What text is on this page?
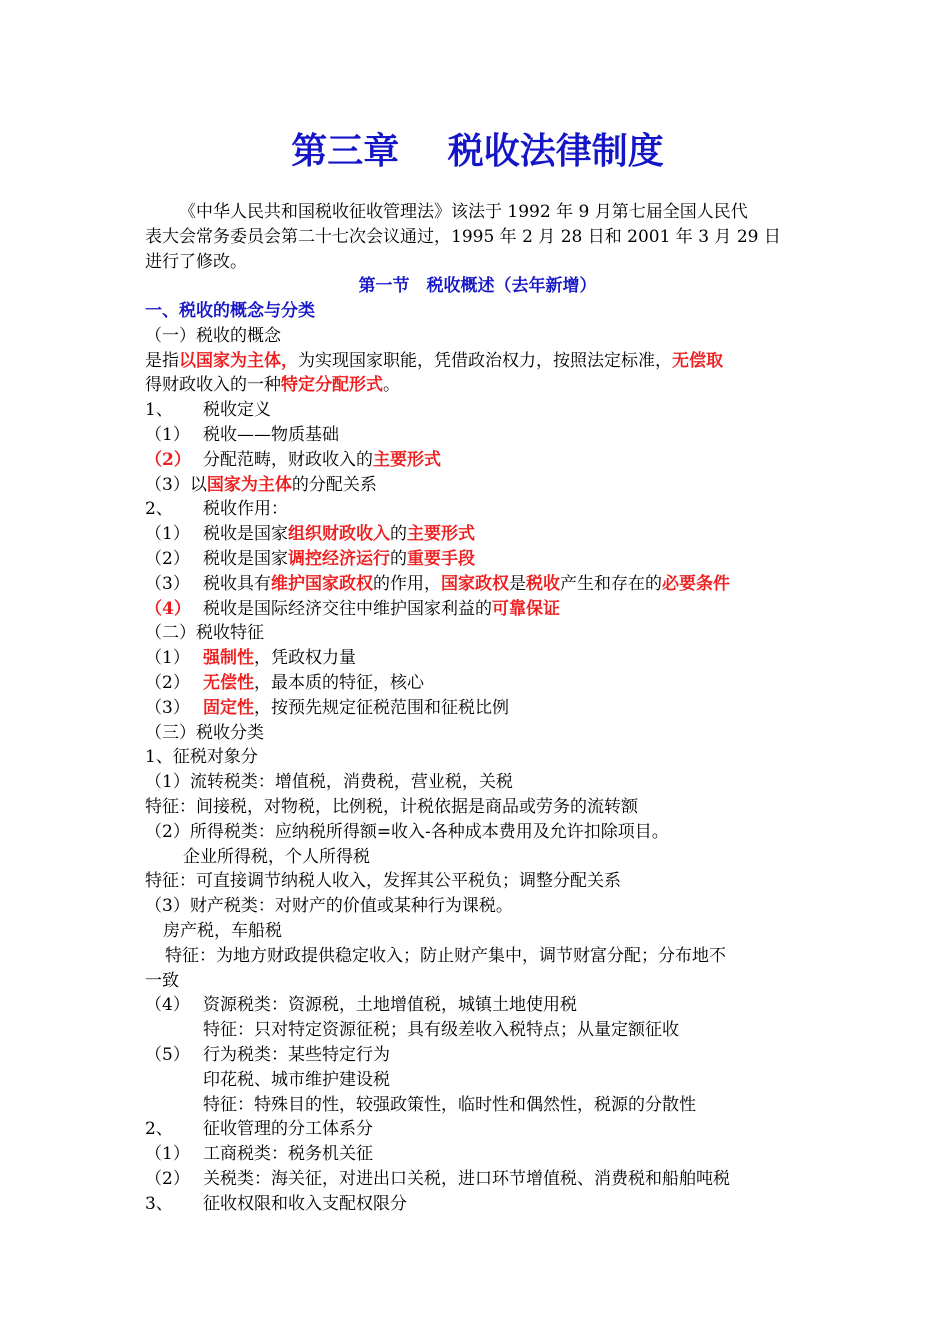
第三章　 税收法律制度
《中华人民共和国税收征收管理法》该法于 1992 年 9 月第七届全国人民代
表大会常务委员会第二十七次会议通过，1995 年 2 月 28 日和 2001 年 3 月 29 日
进行了修改。
第一节　税收概述（去年新增）
一、税收的概念与分类
（一）税收的概念
是指 以国家为主体， 为实现国家职能，凭借政治权力，按照法定标准， 无偿取
得财政收入的一种 特定分配形式 。
1、	税收定义
（1） 税收——物质基础
（2） 分配范畴，财政收入的 主要形式
（3）以 国家为主体 的分配关系
2、	税收作用：
（1） 税收是国家 组织财政收入 的 主要形式
（2） 税收是国家 调控经济运行 的 重要手段
（3） 税收具有 维护国家政权 的作用， 国家政权 是 税收 产生和存在的 必要条件
（4） 税收是国际经济交往中维护国家利益的 可靠保证
（二）税收特征
（1） 强制性 ，凭政权力量
（2） 无偿性 ，最本质的特征，核心
（3） 固定性 ，按预先规定征税范围和征税比例
（三）税收分类
1、征税对象分
（1）流转税类：增值税，消费税，营业税，关税
特征：间接税，对物税，比例税，计税依据是商品或劳务的流转额
（2）所得税类：应纳税所得额=收入-各种成本费用及允许扣除项目。
企业所得税，个人所得税
特征：可直接调节纳税人收入，发挥其公平税负；调整分配关系
（3）财产税类：对财产的价值或某种行为课税。
房产税，车船税
特征：为地方财政提供稳定收入；防止财产集中，调节财富分配；分布地不
一致
（4） 资源税类：资源税，土地增值税，城镇土地使用税
特征：只对特定资源征税；具有级差收入税特点；从量定额征收
（5） 行为税类：某些特定行为
印花税、城市维护建设税
特征：特殊目的性，较强政策性，临时性和偶然性，税源的分散性
2、	征收管理的分工体系分
（1） 工商税类：税务机关征
（2） 关税类：海关征，对进出口关税，进口环节增值税、消费税和船舶吨税
3、	征收权限和收入支配权限分
